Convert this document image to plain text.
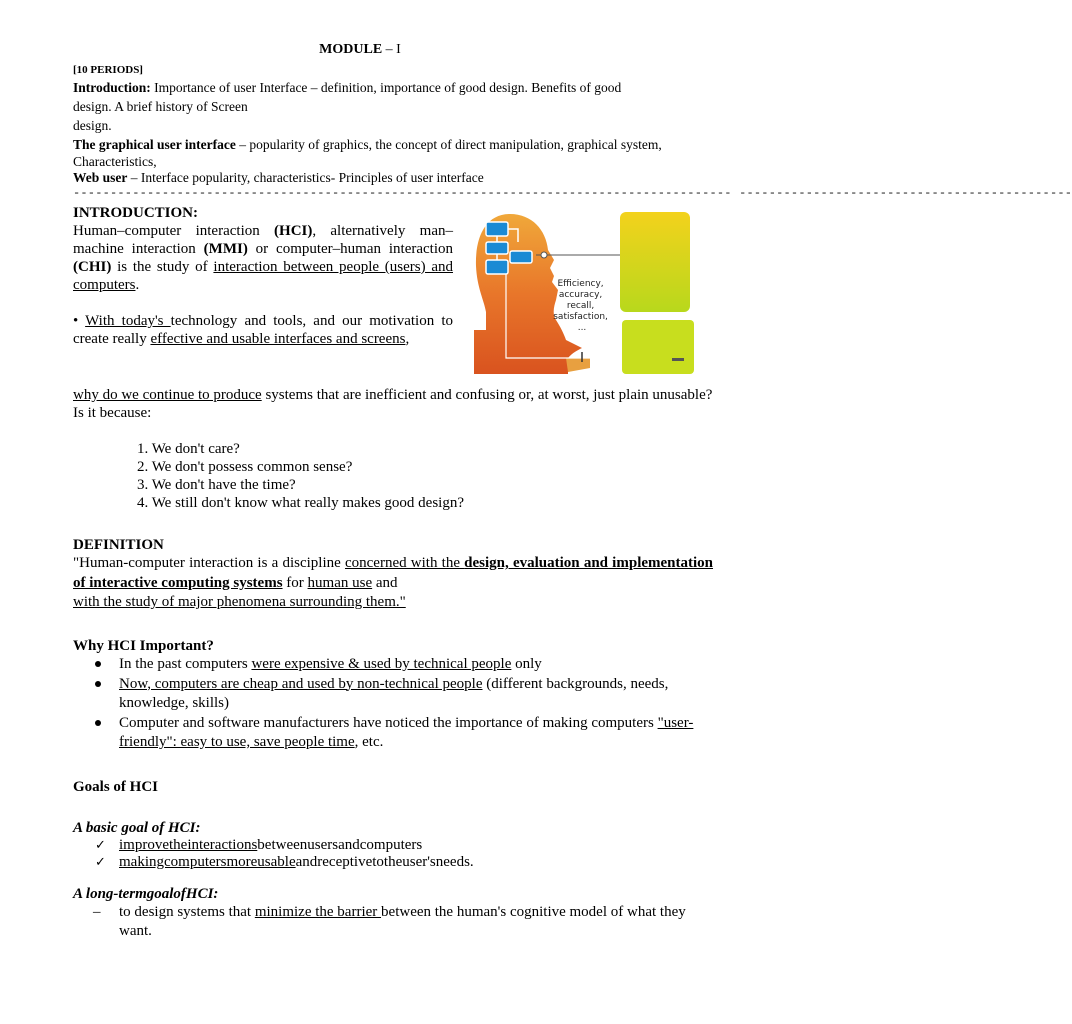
MODULE – I
[10 PERIODS]
Introduction: Importance of user Interface – definition, importance of good design. Benefits of good
design. A brief history of Screen
design.
The graphical user interface – popularity of graphics, the concept of direct manipulation, graphical system, Characteristics,
Web user – Interface popularity, characteristics- Principles of user interface
----------------------------------------------------------------------------------------- ---------------------------------------------
INTRODUCTION:
Human–computer interaction (HCI), alternatively man–machine interaction (MMI) or computer–human interaction (CHI) is the study of interaction between people (users) and computers.
• With today's technology and tools, and our motivation to create really effective and usable interfaces and screens,
why do we continue to produce systems that are inefficient and confusing or, at worst, just plain unusable?
Is it because:
1. We don't care?
2. We don't possess common sense?
3. We don't have the time?
4. We still don't know what really makes good design?
DEFINITION
"Human-computer interaction is a discipline concerned with the design, evaluation and implementation of interactive computing systems for human use and
with the study of major phenomena surrounding them."
Why HCI Important?
In the past computers were expensive & used by technical people only
Now, computers are cheap and used by non-technical people (different backgrounds, needs, knowledge, skills)
Computer and software manufacturers have noticed the importance of making computers "user-friendly": easy to use, save people time, etc.
Goals of HCI
A basic goal of HCI:
✓ improvetheinteractionsbetweenusersandcomputers
✓ makingcomputersmoreusableandreceptivetotheuser'sneeds.
A long-termgoalofHCI:
– to design systems that minimize the barrier between the human's cognitive model of what they want.
Efficiency, accuracy, recall, satisfaction, ...
